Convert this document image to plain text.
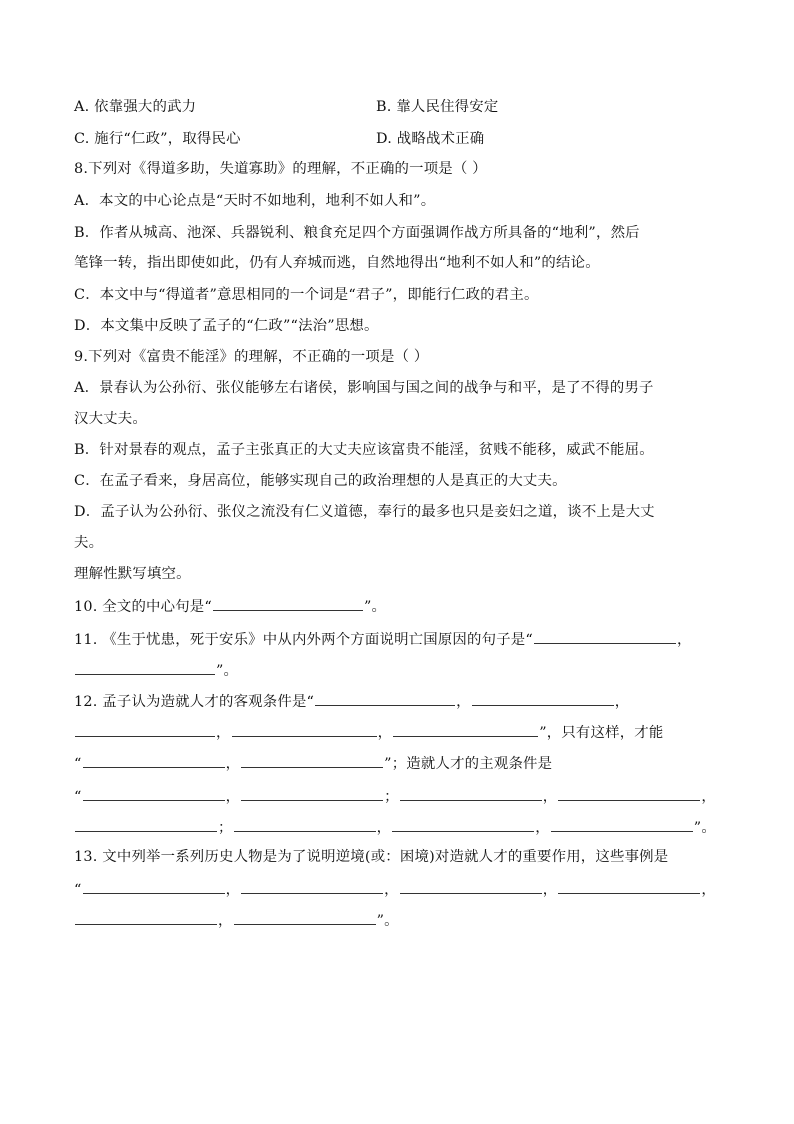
A. 依靠强大的武力	B. 靠人民住得安定
C. 施行“仁政”，取得民心	D. 战略战术正确
8.下列对《得道多助，失道寡助》的理解，不正确的一项是（ ）
A．本文的中心论点是“天时不如地利，地利不如人和”。
B．作者从城高、池深、兵器锐利、粮食充足四个方面强调作战方所具备的“地利”，然后
笔锋一转，指出即使如此，仍有人弃城而逃，自然地得出“地利不如人和”的结论。
C．本文中与“得道者”意思相同的一个词是“君子”，即能行仁政的君主。
D．本文集中反映了孟子的“仁政”“法治”思想。
9.下列对《富贵不能淫》的理解，不正确的一项是（ ）
A．景春认为公孙衍、张仪能够左右诸侯，影响国与国之间的战争与和平，是了不得的男子
汉大丈夫。
B．针对景春的观点，孟子主张真正的大丈夫应该富贵不能淫，贫贱不能移，威武不能屈。
C．在孟子看来，身居高位，能够实现自己的政治理想的人是真正的大丈夫。
D．孟子认为公孙衍、张仪之流没有仁义道德，奉行的最多也只是妾妇之道，谈不上是大丈
夫。
理解性默写填空。
10. 全文的中心句是“	”。
11. 《生于忧患，死于安乐》中从内外两个方面说明亡国原因的句子是“	，
”。
12. 孟子认为造就人才的客观条件是“	，	，
，	，	”，只有这样，才能
“	，	”；造就人才的主观条件是
“	，	；	，	，
；	，	，	”。
13. 文中列举一系列历史人物是为了说明逆境(或：困境)对造就人才的重要作用，这些事例是
“	，	，	，	，
，	”。
